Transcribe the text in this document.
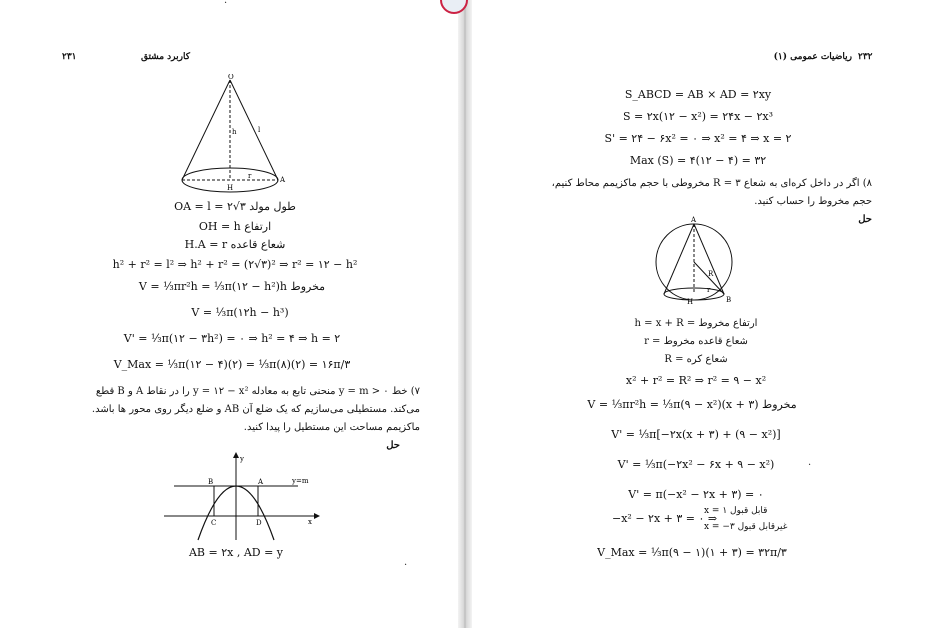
۲۳۱	کاربرد مشتق
·
O
l
h
H
r	A
OA = l = ۲√۳ طول مولد
OH = h ارتفاع
H.A = r شعاع قاعده
h² + r² = l² ⇒ h² + r² = (۲√۳)² ⇒ r² = ۱۲ − h²
V = ⅓πr²h = ⅓π(۱۲ − h²)h مخروط
V = ⅓π(۱۲h − h³)
V' = ⅓π(۱۲ − ۳h²) = ۰ ⇒ h² = ۴ ⇒ h = ۲
V_Max = ⅓π(۱۲ − ۴)(۲) = ⅓π(۸)(۲) = ۱۶π/۳
۷) خط y = m > ۰ منحنی تابع به معادله y = ۱۲ − x² را در نقاط A و B قطع
می‌کند. مستطیلی می‌سازیم که یک ضلع آن AB و ضلع دیگر روی محور ها باشد.
ماکزیمم مساحت این مستطیل را پیدا کنید.
حل
y
x
y=m
B	A
C	D
AB = ۲x , AD = y
·
ریاضیات عمومی (۱) ۲۳۲
S_ABCD = AB × AD = ۲xy
S = ۲x(۱۲ − x²) = ۲۴x − ۲x³
S' = ۲۴ − ۶x² = ۰ ⇒ x² = ۴ ⇒ x = ۲
Max (S) = ۴(۱۲ − ۴) = ۳۲
۸) اگر در داخل کره‌ای به شعاع ۳ = R مخروطی با حجم ماکزیمم محاط کنیم،
حجم مخروط را حساب کنید.
حل
A
R
r
H	B
h = x + R = ارتفاع مخروط
r = شعاع قاعده مخروط
R = شعاع کره
x² + r² = R² ⇒ r² = ۹ − x²
V = ⅓πr²h = ⅓π(۹ − x²)(x + ۳) مخروط
V' = ⅓π[−۲x(x + ۳) + (۹ − x²)]
V' = ⅓π(−۲x² − ۶x + ۹ − x²)
V' = π(−x² − ۲x + ۳) = ۰
−x² − ۲x + ۳ = ۰ ⇒
x = ۱ قابل قبول
x = −۳ غیرقابل قبول
V_Max = ⅓π(۹ − ۱)(۱ + ۳) = ۳۲π/۳
·
